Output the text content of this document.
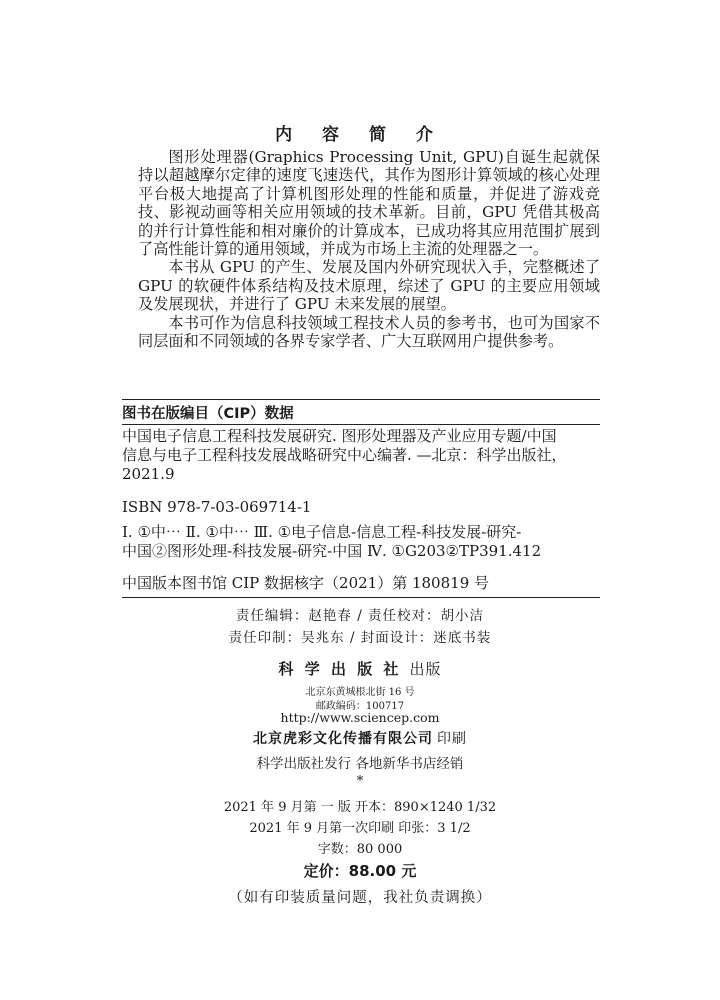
内 容 简 介

图形处理器(Graphics Processing Unit, GPU)自诞生起就保持以超越摩尔定律的速度飞速迭代，其作为图形计算领域的核心处理平台极大地提高了计算机图形处理的性能和质量，并促进了游戏竞技、影视动画等相关应用领域的技术革新。目前，GPU 凭借其极高的并行计算性能和相对廉价的计算成本，已成功将其应用范围扩展到了高性能计算的通用领域，并成为市场上主流的处理器之一。

本书从 GPU 的产生、发展及国内外研究现状入手，完整概述了 GPU 的软硬件体系结构及技术原理，综述了 GPU 的主要应用领域及发展现状，并进行了 GPU 未来发展的展望。

本书可作为信息科技领域工程技术人员的参考书，也可为国家不同层面和不同领域的各界专家学者、广大互联网用户提供参考。

图书在版编目（CIP）数据
中国电子信息工程科技发展研究. 图形处理器及产业应用专题/中国
信息与电子工程科技发展战略研究中心编著. —北京：科学出版社，
2021.9
ISBN 978-7-03-069714-1
Ⅰ. ①中⋯ Ⅱ. ①中⋯ Ⅲ. ①电子信息-信息工程-科技发展-研究-
中国②图形处理-科技发展-研究-中国 Ⅳ. ①G203②TP391.412
中国版本图书馆 CIP 数据核字（2021）第 180819 号
责任编辑：赵艳春 / 责任校对：胡小洁
责任印制：吴兆东 / 封面设计：迷底书装
科 学 出 版 社 出版
北京东黄城根北街 16 号
邮政编码：100717
http://www.sciencep.com
北京虎彩文化传播有限公司 印刷
科学出版社发行 各地新华书店经销
*
2021 年 9 月第 一 版 开本：890×1240 1/32
2021 年 9 月第一次印刷 印张：3 1/2
字数：80 000
定价：88.00 元
（如有印装质量问题，我社负责调换）
